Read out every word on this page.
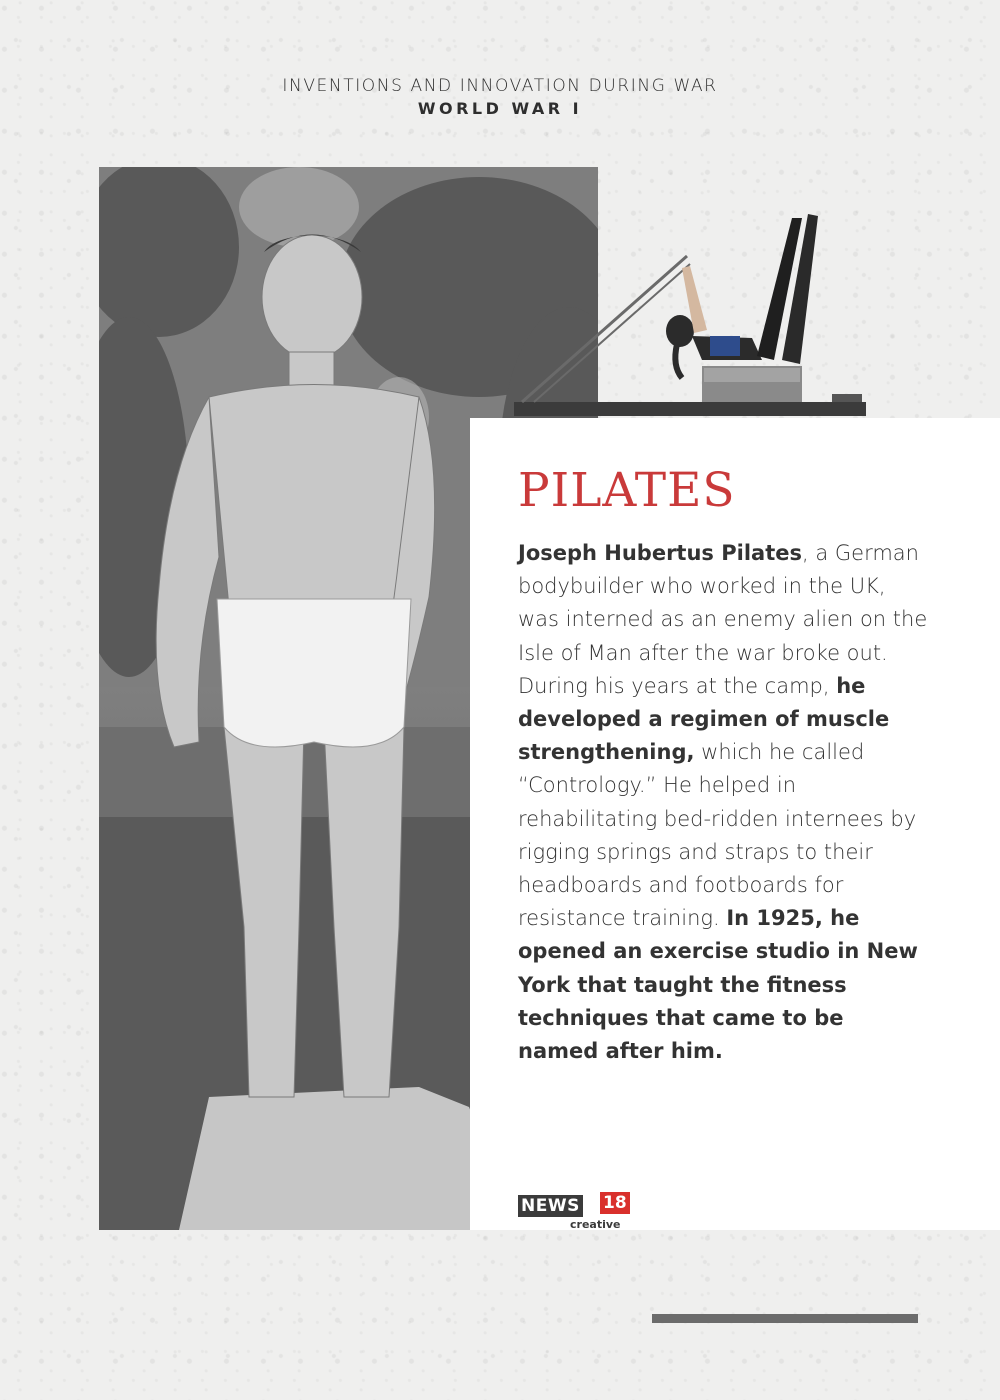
INVENTIONS AND INNOVATION DURING WAR
WORLD WAR I
PILATES
Joseph Hubertus Pilates, a German bodybuilder who worked in the UK, was interned as an enemy alien on the Isle of Man after the war broke out. During his years at the camp, he developed a regimen of muscle strengthening, which he called “Contrology.” He helped in rehabilitating bed-ridden internees by rigging springs and straps to their headboards and footboards for resistance training. In 1925, he opened an exercise studio in New York that taught the fitness techniques that came to be named after him.
NEWS 18
creative
